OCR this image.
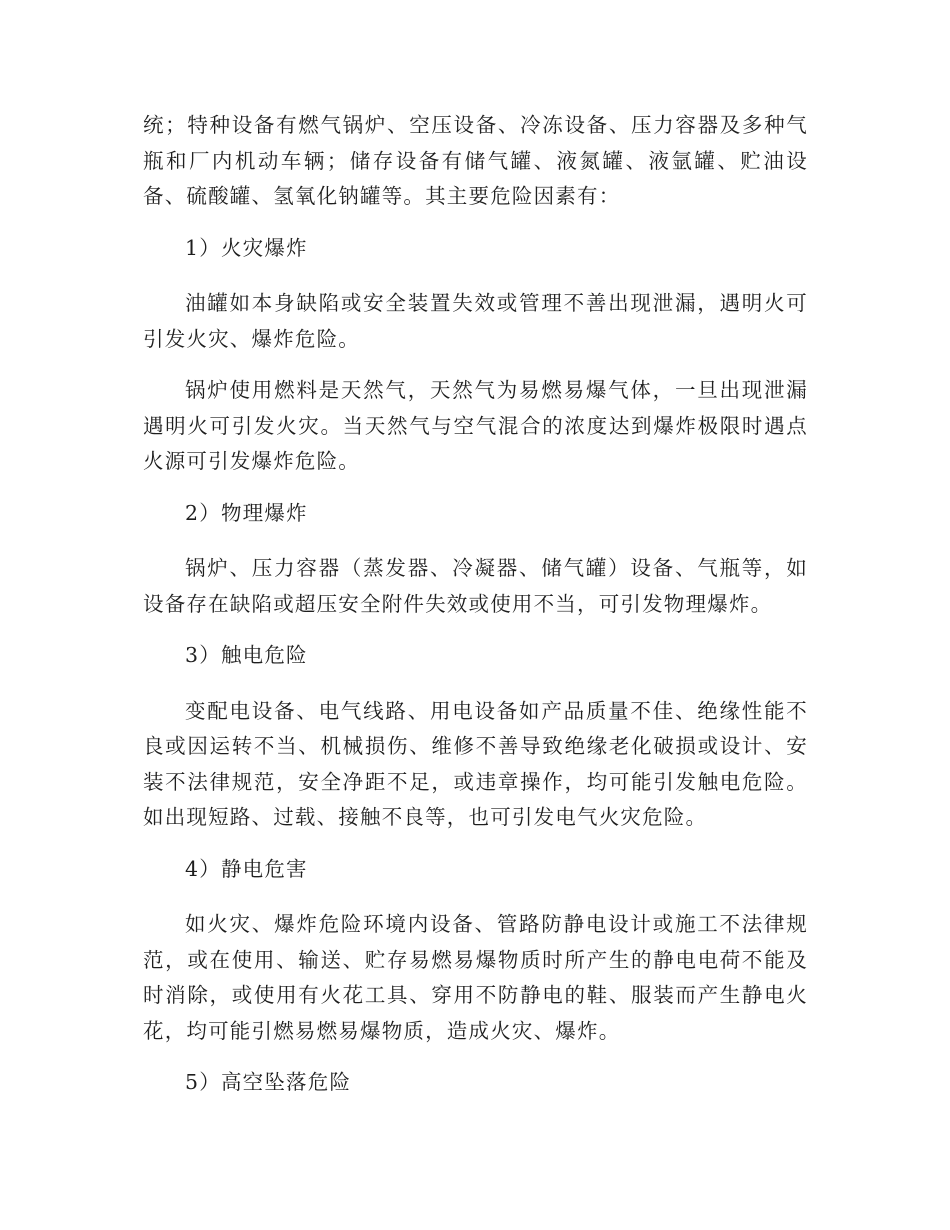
统；特种设备有燃气锅炉、空压设备、冷冻设备、压力容器及多种气瓶和厂内机动车辆；储存设备有储气罐、液氮罐、液氩罐、贮油设备、硫酸罐、氢氧化钠罐等。其主要危险因素有：

1）火灾爆炸

油罐如本身缺陷或安全装置失效或管理不善出现泄漏，遇明火可引发火灾、爆炸危险。

锅炉使用燃料是天然气，天然气为易燃易爆气体，一旦出现泄漏遇明火可引发火灾。当天然气与空气混合的浓度达到爆炸极限时遇点火源可引发爆炸危险。

2）物理爆炸

锅炉、压力容器（蒸发器、冷凝器、储气罐）设备、气瓶等，如设备存在缺陷或超压安全附件失效或使用不当，可引发物理爆炸。

3）触电危险

变配电设备、电气线路、用电设备如产品质量不佳、绝缘性能不良或因运转不当、机械损伤、维修不善导致绝缘老化破损或设计、安装不法律规范，安全净距不足，或违章操作，均可能引发触电危险。如出现短路、过载、接触不良等，也可引发电气火灾危险。

4）静电危害

如火灾、爆炸危险环境内设备、管路防静电设计或施工不法律规范，或在使用、输送、贮存易燃易爆物质时所产生的静电电荷不能及时消除，或使用有火花工具、穿用不防静电的鞋、服装而产生静电火花，均可能引燃易燃易爆物质，造成火灾、爆炸。

5）高空坠落危险
